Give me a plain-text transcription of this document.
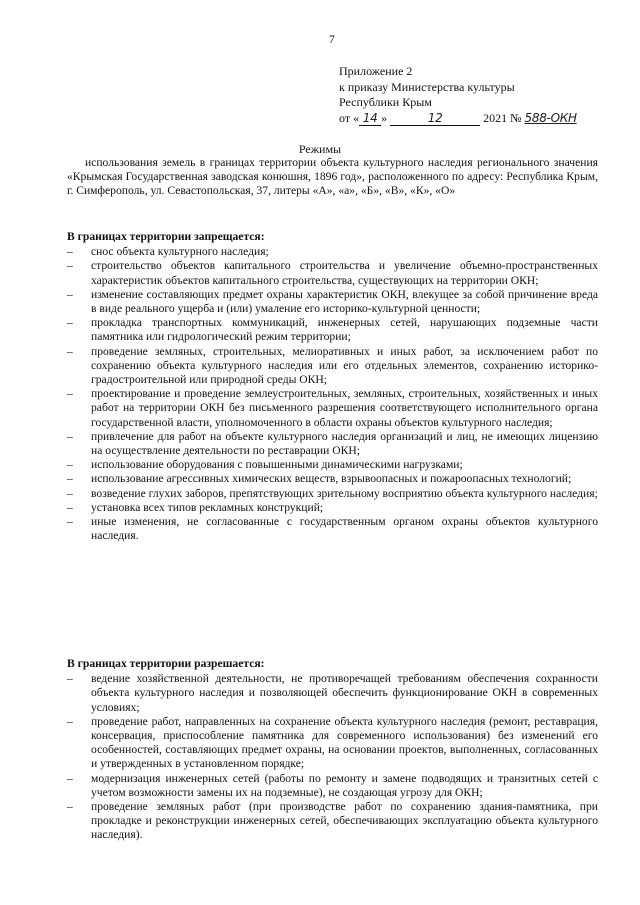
7
Приложение 2
к приказу Министерства культуры
Республики Крым
от « 14 »	12	2021 № 588-ОКН
Режимы
использования земель в границах территории объекта культурного наследия регионального значения «Крымская Государственная заводская конюшня, 1896 год», расположенного по адресу: Республика Крым, г. Симферополь, ул. Севастопольская, 37, литеры «А», «а», «Б», «В», «К», «О»
В границах территории запрещается:
–	снос объекта культурного наследия;
–	строительство объектов капитального строительства и увеличение объемно-пространственных характеристик объектов капитального строительства, существующих на территории ОКН;
–	изменение составляющих предмет охраны характеристик ОКН, влекущее за собой причинение вреда в виде реального ущерба и (или) умаление его историко-культурной ценности;
–	прокладка транспортных коммуникаций, инженерных сетей, нарушающих подземные части памятника или гидрологический режим территории;
–	проведение земляных, строительных, мелиоративных и иных работ, за исключением работ по сохранению объекта культурного наследия или его отдельных элементов, сохранению историко-градостроительной или природной среды ОКН;
–	проектирование и проведение землеустроительных, земляных, строительных, хозяйственных и иных работ на территории ОКН без письменного разрешения соответствующего исполнительного органа государственной власти, уполномоченного в области охраны объектов культурного наследия;
–	привлечение для работ на объекте культурного наследия организаций и лиц, не имеющих лицензию на осуществление деятельности по реставрации ОКН;
–	использование оборудования с повышенными динамическими нагрузками;
–	использование агрессивных химических веществ, взрывоопасных и пожароопасных технологий;
–	возведение глухих заборов, препятствующих зрительному восприятию объекта культурного наследия;
–	установка всех типов рекламных конструкций;
–	иные изменения, не согласованные с государственным органом охраны объектов культурного наследия.
В границах территории разрешается:
–	ведение хозяйственной деятельности, не противоречащей требованиям обеспечения сохранности объекта культурного наследия и позволяющей обеспечить функционирование ОКН в современных условиях;
–	проведение работ, направленных на сохранение объекта культурного наследия (ремонт, реставрация, консервация, приспособление памятника для современного использования) без изменений его особенностей, составляющих предмет охраны, на основании проектов, выполненных, согласованных и утвержденных в установленном порядке;
–	модернизация инженерных сетей (работы по ремонту и замене подводящих и транзитных сетей с учетом возможности замены их на подземные), не создающая угрозу для ОКН;
–	проведение земляных работ (при производстве работ по сохранению здания-памятника, при прокладке и реконструкции инженерных сетей, обеспечивающих эксплуатацию объекта культурного наследия).
